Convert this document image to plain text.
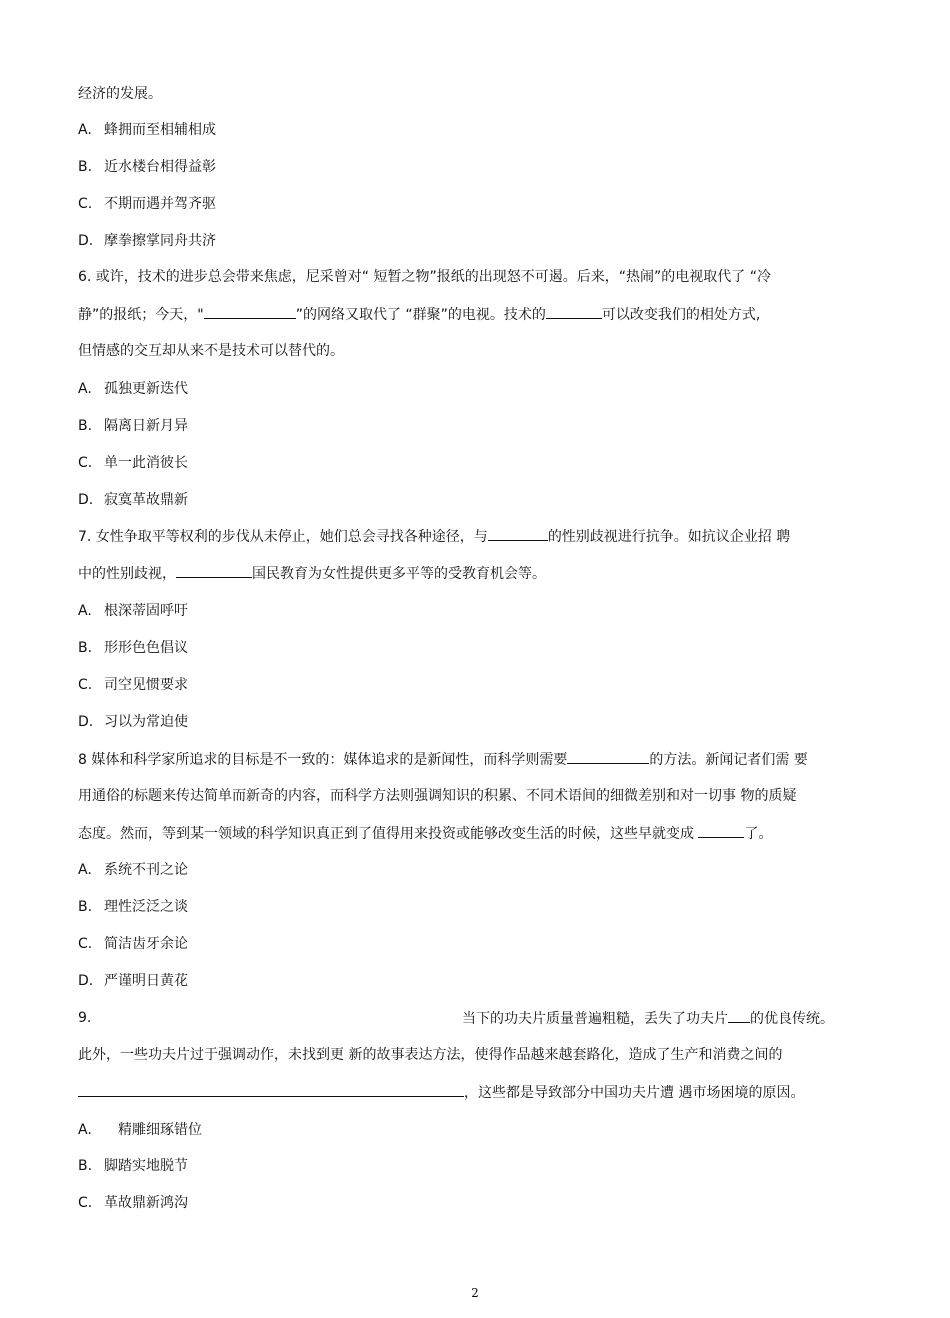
经济的发展。
A. 蜂拥而至相辅相成
B. 近水楼台相得益彰
C. 不期而遇并驾齐驱
D. 摩拳擦掌同舟共济
6. 或许，技术的进步总会带来焦虑，尼采曾对“ 短暂之物”报纸的出现怒不可遏。后来，“热闹”的电视取代了 “冷
静”的报纸；今天，"	”的网络又取代了 “群聚”的电视。技术的	可以改变我们的相处方式,
但情感的交互却从来不是技术可以替代的。
A. 孤独更新迭代
B. 隔离日新月异
C. 单一此消彼长
D. 寂寞革故鼎新
7. 女性争取平等权利的步伐从未停止，她们总会寻找各种途径，与	的性别歧视进行抗争。如抗议企业招 聘
中的性别歧视，	国民教育为女性提供更多平等的受教育机会等。
A. 根深蒂固呼吁
B. 形形色色倡议
C. 司空见惯要求
D. 习以为常迫使
8 媒体和科学家所追求的目标是不一致的：媒体追求的是新闻性，而科学则需要	的方法。新闻记者们需 要
用通俗的标题来传达简单而新奇的内容，而科学方法则强调知识的积累、不同术语间的细微差别和对一切事 物的质疑
态度。然而，等到某一领域的科学知识真正到了值得用来投资或能够改变生活的时候，这些早就变成	了。
A. 系统不刊之论
B. 理性泛泛之谈
C. 简洁齿牙余论
D. 严谨明日黄花
9.	当下的功夫片质量普遍粗糙，丢失了功夫片 的优良传统。
此外，一些功夫片过于强调动作，未找到更 新的故事表达方法，使得作品越来越套路化，造成了生产和消费之间的
，这些都是导致部分中国功夫片遭 遇市场困境的原因。
A. 精雕细琢错位
B. 脚踏实地脱节
C. 革故鼎新鸿沟
2
